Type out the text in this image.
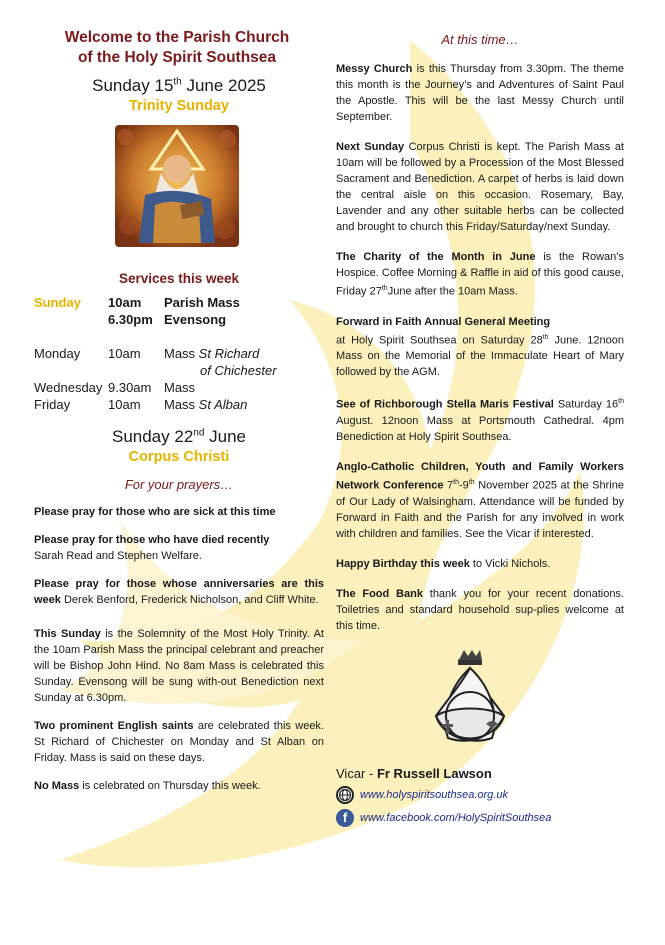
Welcome to the Parish Church
of the Holy Spirit Southsea
Sunday 15th June 2025
Trinity Sunday
Services this week
Sunday	10am	Parish Mass
6.30pm Evensong
Monday	10am	Mass St Richard
of Chichester
Wednesday 9.30am Mass
Friday	10am	Mass St Alban
Sunday 22nd June
Corpus Christi
For your prayers…
Please pray for those who are sick at this time
Please pray for those who have died recently
Sarah Read and Stephen Welfare.
Please pray for those whose anniversaries are this week Derek Benford, Frederick Nicholson, and Cliff White.
This Sunday is the Solemnity of the Most Holy Trinity. At the 10am Parish Mass the principal celebrant and preacher will be Bishop John Hind. No 8am Mass is celebrated this Sunday. Evensong will be sung with-out Benediction next Sunday at 6.30pm.
Two prominent English saints are celebrated this week. St Richard of Chichester on Monday and St Alban on Friday. Mass is said on these days.
No Mass is celebrated on Thursday this week.
At this time…
Messy Church is this Thursday from 3.30pm. The theme this month is the Journey’s and Adventures of Saint Paul the Apostle. This will be the last Messy Church until September.
Next Sunday Corpus Christi is kept. The Parish Mass at 10am will be followed by a Procession of the Most Blessed Sacrament and Benediction. A carpet of herbs is laid down the central aisle on this occasion. Rosemary, Bay, Lavender and any other suitable herbs can be collected and brought to church this Friday/Saturday/next Sunday.
The Charity of the Month in June is the Rowan’s Hospice. Coffee Morning & Raffle in aid of this good cause, Friday 27thJune after the 10am Mass.
Forward in Faith Annual General Meeting
at Holy Spirit Southsea on Saturday 28th June. 12noon Mass on the Memorial of the Immaculate Heart of Mary followed by the AGM.
See of Richborough Stella Maris Festival Saturday 16th August. 12noon Mass at Portsmouth Cathedral. 4pm Benediction at Holy Spirit Southsea.
Anglo-Catholic Children, Youth and Family Workers Network Conference 7th-9th November 2025 at the Shrine of Our Lady of Walsingham. Attendance will be funded by Forward in Faith and the Parish for any involved in work with children and families. See the Vicar if interested.
Happy Birthday this week to Vicki Nichols.
The Food Bank thank you for your recent donations. Toiletries and standard household sup-plies welcome at this time.
Vicar - Fr Russell Lawson
www.holyspiritsouthsea.org.uk
f	www.facebook.com/HolySpiritSouthsea
